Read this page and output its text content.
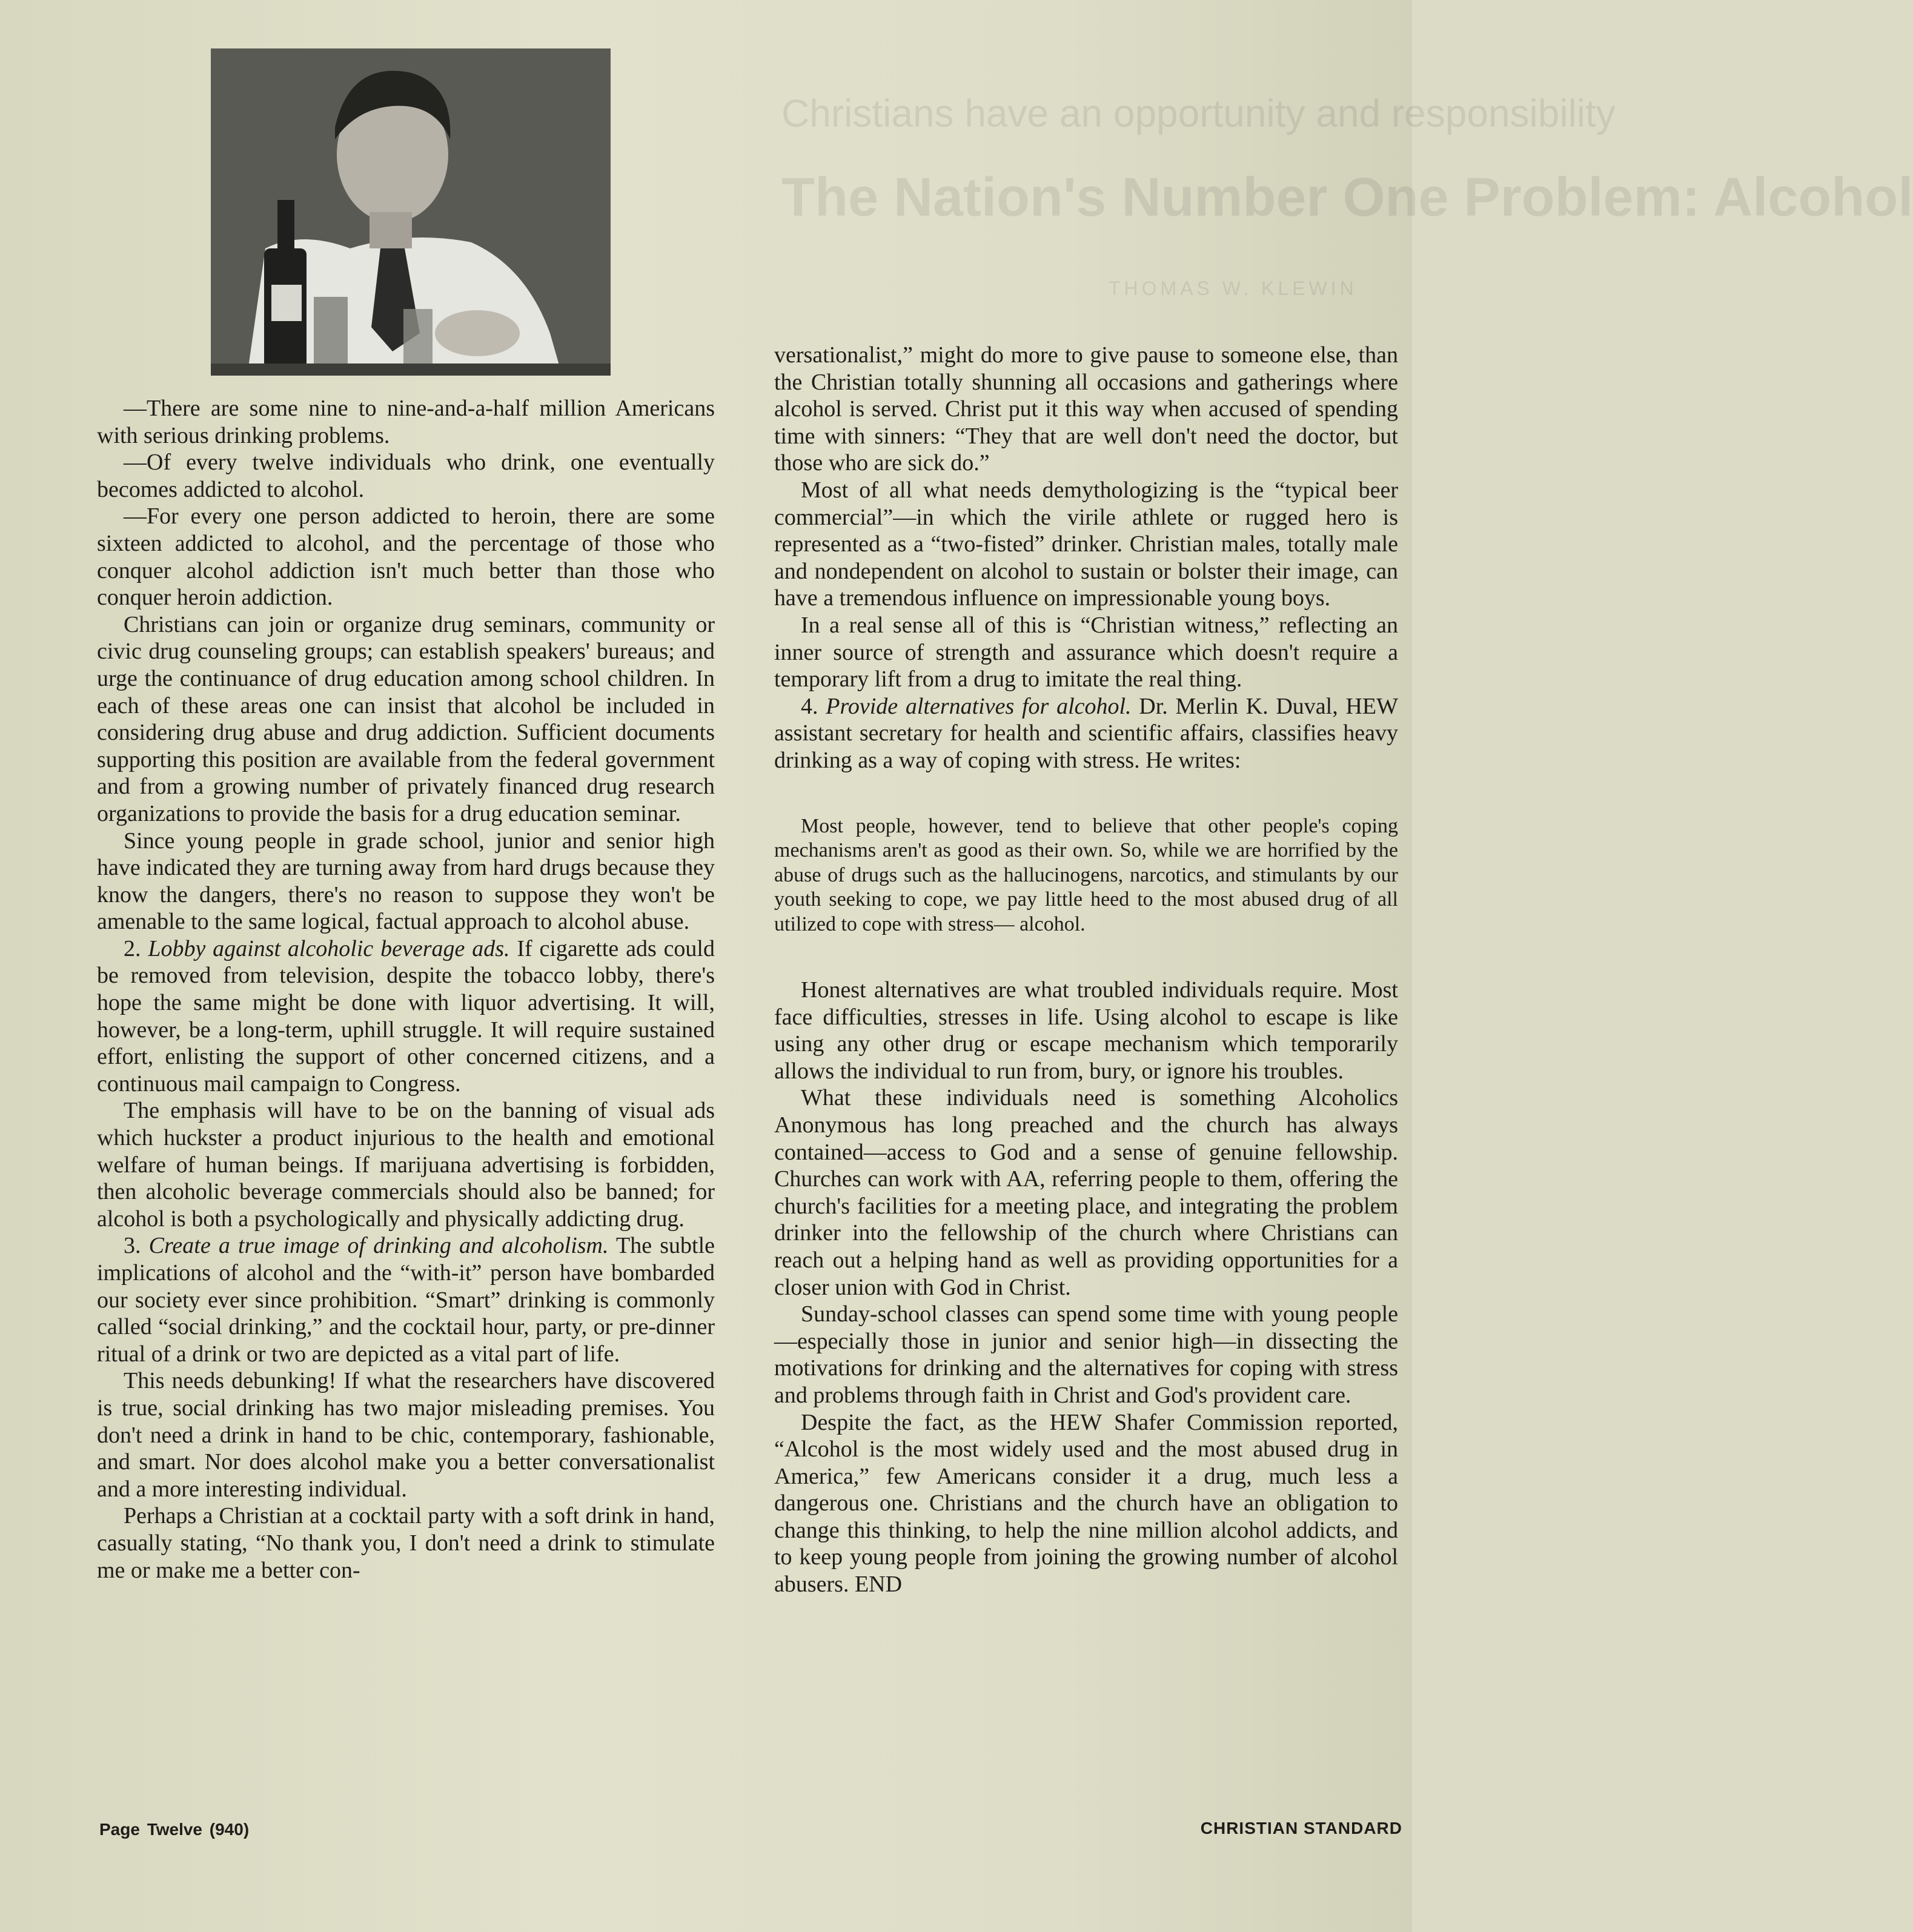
Christians have an opportunity and responsibility
The Nation's Number One Problem: Alcohol
THOMAS W. KLEWIN

—There are some nine to nine-and-a-half million Americans with serious drinking problems.

—Of every twelve individuals who drink, one eventually becomes addicted to alcohol.

—For every one person addicted to heroin, there are some sixteen addicted to alcohol, and the percentage of those who conquer alcohol addiction isn't much better than those who conquer heroin addiction.

Christians can join or organize drug seminars, community or civic drug counseling groups; can establish speakers' bureaus; and urge the continuance of drug education among school children. In each of these areas one can insist that alcohol be included in considering drug abuse and drug addiction. Sufficient documents supporting this position are available from the federal government and from a growing number of privately financed drug research organizations to provide the basis for a drug education seminar.

Since young people in grade school, junior and senior high have indicated they are turning away from hard drugs because they know the dangers, there's no reason to suppose they won't be amenable to the same logical, factual approach to alcohol abuse.

2. Lobby against alcoholic beverage ads. If cigarette ads could be removed from television, despite the tobacco lobby, there's hope the same might be done with liquor advertising. It will, however, be a long-term, uphill struggle. It will require sustained effort, enlisting the support of other concerned citizens, and a continuous mail campaign to Congress.

The emphasis will have to be on the banning of visual ads which huckster a product injurious to the health and emotional welfare of human beings. If marijuana advertising is forbidden, then alcoholic beverage commercials should also be banned; for alcohol is both a psychologically and physically addicting drug.

3. Create a true image of drinking and alcoholism. The subtle implications of alcohol and the “with-it” person have bombarded our society ever since prohibition. “Smart” drinking is commonly called “social drinking,” and the cocktail hour, party, or pre-dinner ritual of a drink or two are depicted as a vital part of life.

This needs debunking! If what the researchers have discovered is true, social drinking has two major misleading premises. You don't need a drink in hand to be chic, contemporary, fashionable, and smart. Nor does alcohol make you a better conversationalist and a more interesting individual.

Perhaps a Christian at a cocktail party with a soft drink in hand, casually stating, “No thank you, I don't need a drink to stimulate me or make me a better con-

versationalist,” might do more to give pause to someone else, than the Christian totally shunning all occasions and gatherings where alcohol is served. Christ put it this way when accused of spending time with sinners: “They that are well don't need the doctor, but those who are sick do.”

Most of all what needs demythologizing is the “typical beer commercial”—in which the virile athlete or rugged hero is represented as a “two-fisted” drinker. Christian males, totally male and nondependent on alcohol to sustain or bolster their image, can have a tremendous influence on impressionable young boys.

In a real sense all of this is “Christian witness,” reflecting an inner source of strength and assurance which doesn't require a temporary lift from a drug to imitate the real thing.

4. Provide alternatives for alcohol. Dr. Merlin K. Duval, HEW assistant secretary for health and scientific affairs, classifies heavy drinking as a way of coping with stress. He writes:

Most people, however, tend to believe that other people's coping mechanisms aren't as good as their own. So, while we are horrified by the abuse of drugs such as the hallucinogens, narcotics, and stimulants by our youth seeking to cope, we pay little heed to the most abused drug of all utilized to cope with stress— alcohol.

Honest alternatives are what troubled individuals require. Most face difficulties, stresses in life. Using alcohol to escape is like using any other drug or escape mechanism which temporarily allows the individual to run from, bury, or ignore his troubles.

What these individuals need is something Alcoholics Anonymous has long preached and the church has always contained—access to God and a sense of genuine fellowship. Churches can work with AA, referring people to them, offering the church's facilities for a meeting place, and integrating the problem drinker into the fellowship of the church where Christians can reach out a helping hand as well as providing opportunities for a closer union with God in Christ.

Sunday-school classes can spend some time with young people—especially those in junior and senior high—in dissecting the motivations for drinking and the alternatives for coping with stress and problems through faith in Christ and God's provident care.

Despite the fact, as the HEW Shafer Commission reported, “Alcohol is the most widely used and the most abused drug in America,” few Americans consider it a drug, much less a dangerous one. Christians and the church have an obligation to change this thinking, to help the nine million alcohol addicts, and to keep young people from joining the growing number of alcohol abusers. END

Page Twelve (940)	CHRISTIAN STANDARD
